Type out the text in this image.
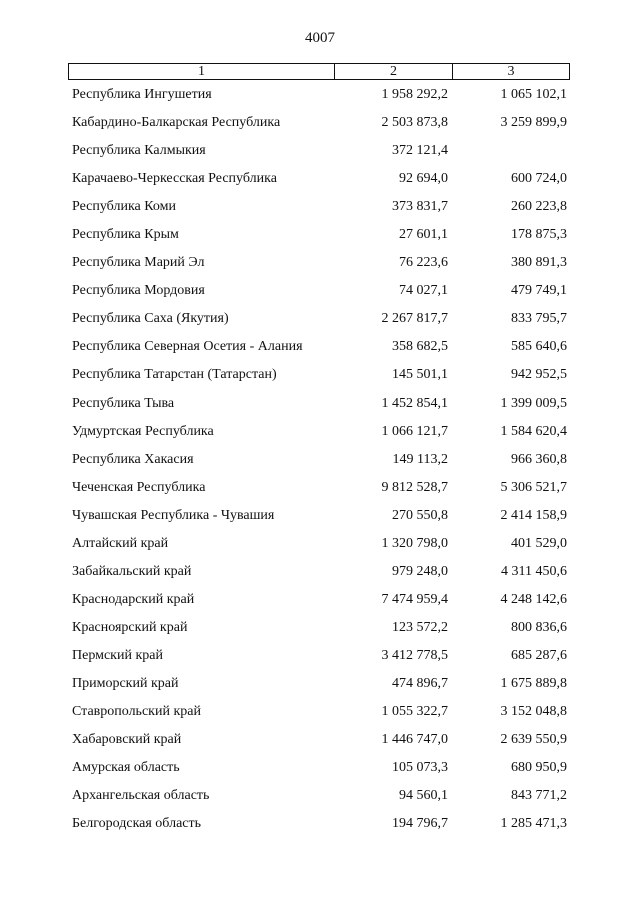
4007
1	2	3
Республика Ингушетия	1 958 292,2	1 065 102,1
Кабардино-Балкарская Республика	2 503 873,8	3 259 899,9
Республика Калмыкия	372 121,4
Карачаево-Черкесская Республика	92 694,0	600 724,0
Республика Коми	373 831,7	260 223,8
Республика Крым	27 601,1	178 875,3
Республика Марий Эл	76 223,6	380 891,3
Республика Мордовия	74 027,1	479 749,1
Республика Саха (Якутия)	2 267 817,7	833 795,7
Республика Северная Осетия - Алания	358 682,5	585 640,6
Республика Татарстан (Татарстан)	145 501,1	942 952,5
Республика Тыва	1 452 854,1	1 399 009,5
Удмуртская Республика	1 066 121,7	1 584 620,4
Республика Хакасия	149 113,2	966 360,8
Чеченская Республика	9 812 528,7	5 306 521,7
Чувашская Республика - Чувашия	270 550,8	2 414 158,9
Алтайский край	1 320 798,0	401 529,0
Забайкальский край	979 248,0	4 311 450,6
Краснодарский край	7 474 959,4	4 248 142,6
Красноярский край	123 572,2	800 836,6
Пермский край	3 412 778,5	685 287,6
Приморский край	474 896,7	1 675 889,8
Ставропольский край	1 055 322,7	3 152 048,8
Хабаровский край	1 446 747,0	2 639 550,9
Амурская область	105 073,3	680 950,9
Архангельская область	94 560,1	843 771,2
Белгородская область	194 796,7	1 285 471,3
